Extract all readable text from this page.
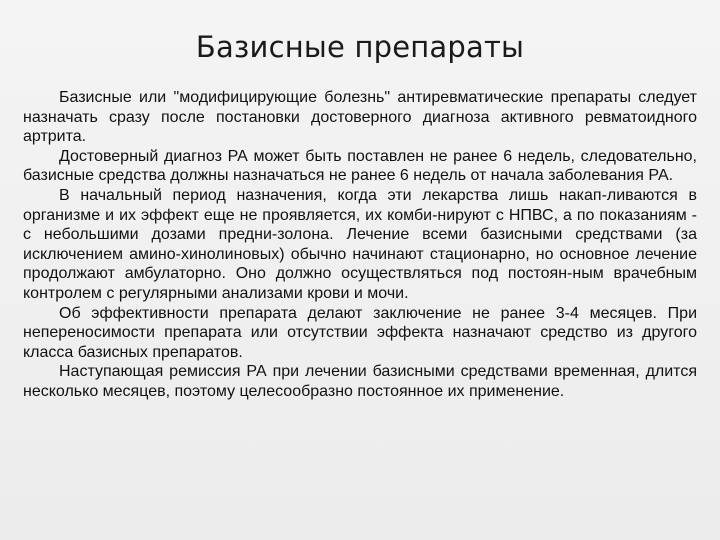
Базисные препараты

Базисные или "модифицирующие болезнь" антиревматические препараты следует назначать сразу после постановки достоверного диагноза активного ревматоидного артрита.

Достоверный диагноз РА может быть поставлен не ранее 6 недель, следовательно, базисные средства должны назначаться не ранее 6 недель от начала заболевания РА.

В начальный период назначения, когда эти лекарства лишь накап-ливаются в организме и их эффект еще не проявляется, их комби-нируют с НПВС, а по показаниям - с небольшими дозами предни-золона. Лечение всеми базисными средствами (за исключением амино-хинолиновых) обычно начинают стационарно, но основное лечение продолжают амбулаторно. Оно должно осуществляться под постоян-ным врачебным контролем с регулярными анализами крови и мочи.

Об эффективности препарата делают заключение не ранее 3-4 месяцев. При непереносимости препарата или отсутствии эффекта назначают средство из другого класса базисных препаратов.

Наступающая ремиссия РА при лечении базисными средствами временная, длится несколько месяцев, поэтому целесообразно постоянное их применение.
